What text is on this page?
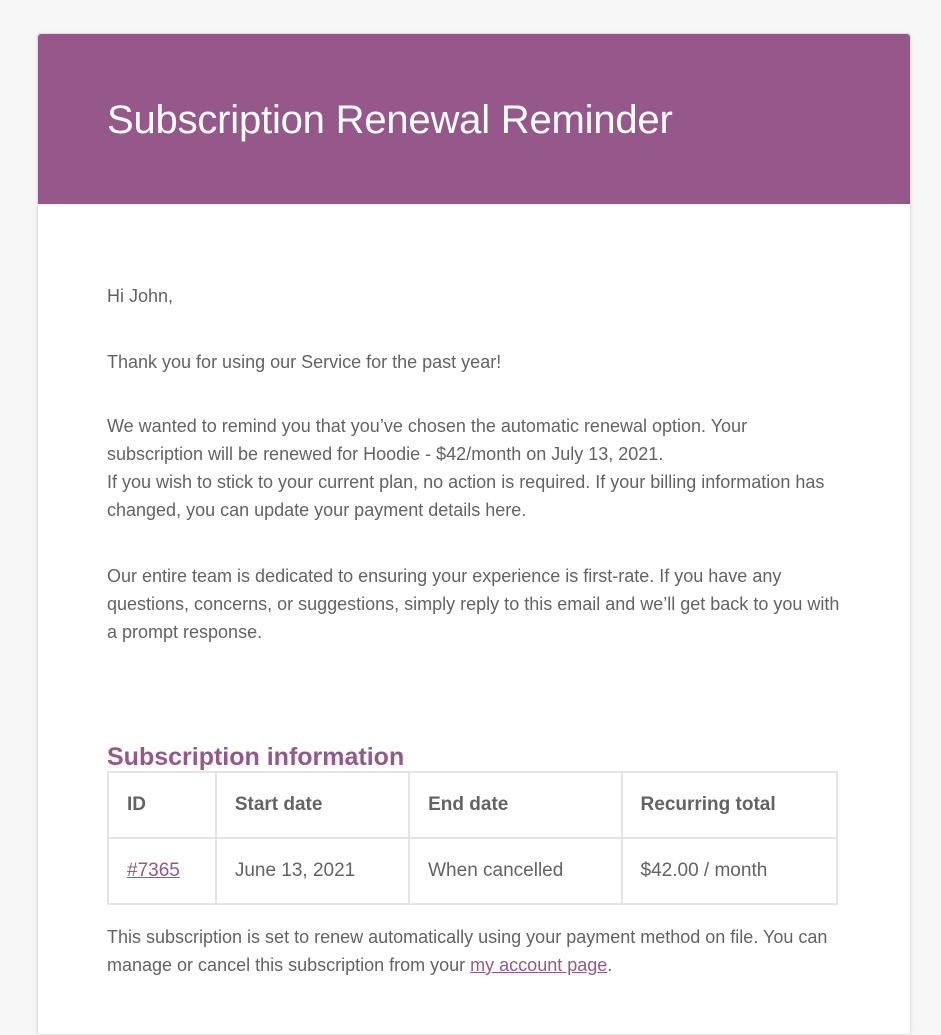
Subscription Renewal Reminder

Hi John,

Thank you for using our Service for the past year!

We wanted to remind you that you’ve chosen the automatic renewal option. Your subscription will be renewed for Hoodie - $42/month on July 13, 2021.
If you wish to stick to your current plan, no action is required. If your billing information has changed, you can update your payment details here.

Our entire team is dedicated to ensuring your experience is first-rate. If you have any questions, concerns, or suggestions, simply reply to this email and we’ll get back to you with a prompt response.

Subscription information
ID	Start date	End date	Recurring total
#7365	June 13, 2021	When cancelled	$42.00 / month

This subscription is set to renew automatically using your payment method on file. You can manage or cancel this subscription from your my account page.
